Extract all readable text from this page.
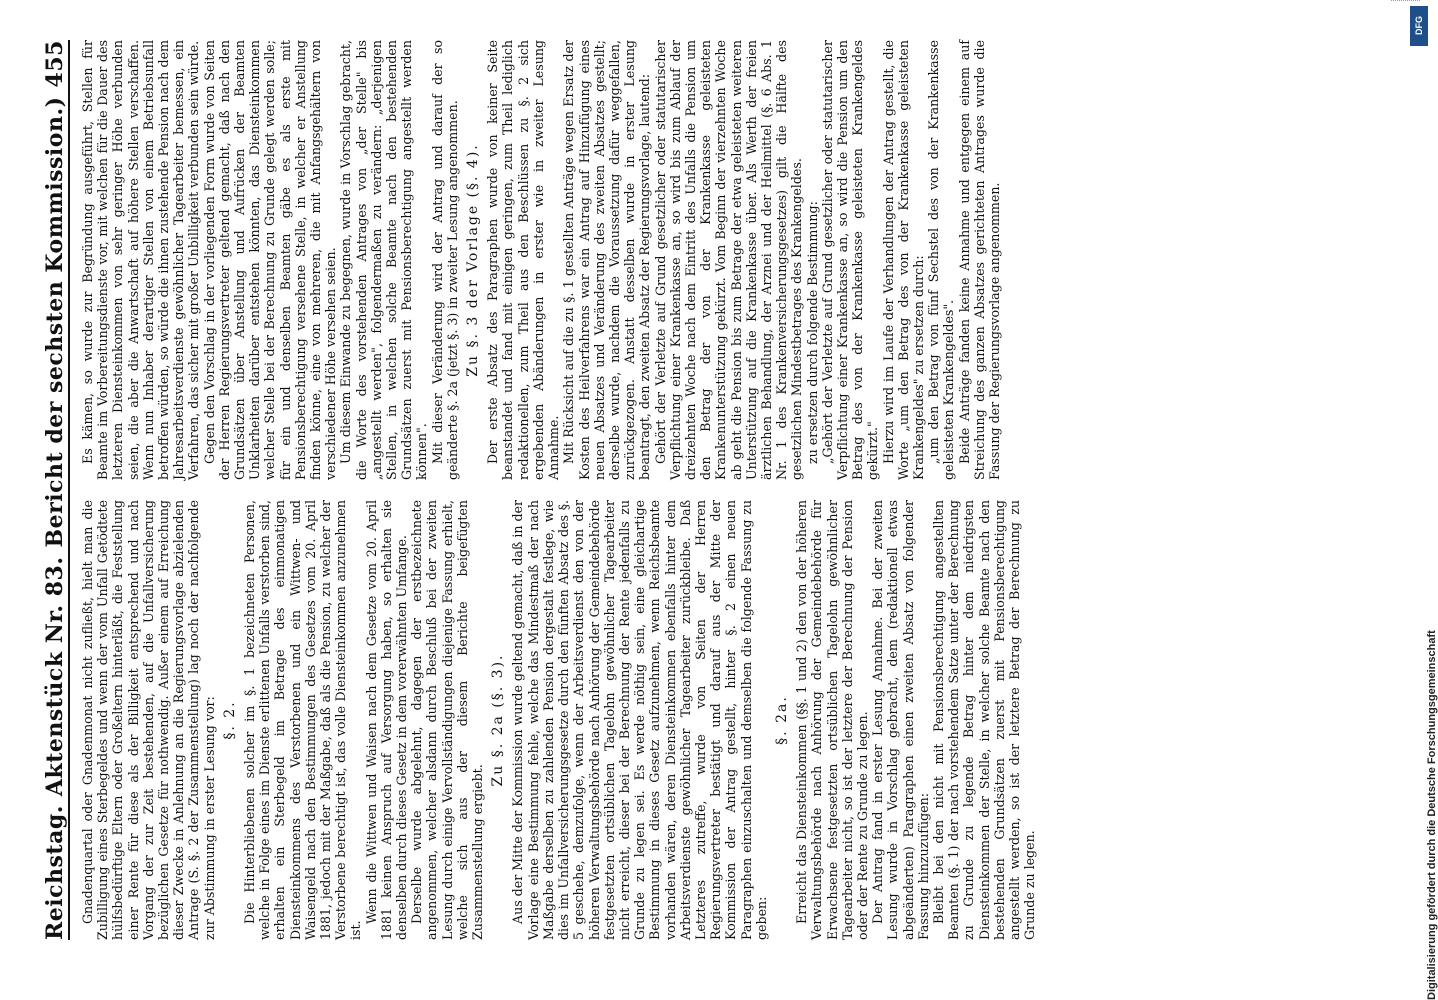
Reichstag.
Aktenstück Nr. 83.
Bericht der sechsten Kommission.)
455

Gnadenquartal oder Gnadenmonat nicht zufließt, hielt man die Zubilligung eines Sterbegeldes und wenn der vom Unfall Getödtete hülfsbedürftige Eltern oder Großeltern hinterläßt, die Feststellung einer Rente für diese als der Billigkeit entsprechend und nach Vorgang der zur Zeit bestehenden, auf die Unfallversicherung bezüglichen Gesetze für nothwendig. Außer einem auf Erreichung dieser Zwecke in Anlehnung an die Regierungsvorlage abzielenden Antrage (S. §. 2 der Zusammenstellung) lag noch der nachfolgende zur Abstimmung in erster Lesung vor: §. 2. Die Hinterbliebenen solcher im §. 1 bezeichneten Personen, welche in Folge eines im Dienste erlittenen Unfalls verstorben sind, erhalten ein Sterbegeld im Betrage des einmonatigen Diensteinkommens des Verstorbenen und ein Wittwen- und Waisengeld nach den Bestimmungen des Gesetzes vom 20. April 1881, jedoch mit der Maßgabe, daß als die Pension, zu welcher der Verstorbene berechtigt ist, das volle Diensteinkommen anzunehmen ist.

Wenn die Wittwen und Waisen nach dem Gesetze vom 20. April 1881 keinen Anspruch auf Versorgung haben, so erhalten sie denselben durch dieses Gesetz in dem vorerwähnten Umfange. Derselbe wurde abgelehnt, dagegen der erstbezeichnete angenommen, welcher alsdann durch Beschluß bei der zweiten Lesung durch einige Vervollständigungen diejenige Fassung erhielt, welche sich aus der diesem Berichte beigefügten Zusammenstellung ergiebt.

Zu §. 2a (§. 3). Aus der Mitte der Kommission wurde geltend gemacht, daß in der Vorlage eine Bestimmung fehle, welche das Mindestmaß der nach Maßgabe derselben zu zahlenden Pension dergestalt festlege, wie dies im Unfallversicherungsgesetze durch den fünften Absatz des §. 5 geschehe, demzufolge, wenn der Arbeitsverdienst den von der höheren Verwaltungsbehörde nach Anhörung der Gemeindebehörde festgesetzten ortsüblichen Tagelohn gewöhnlicher Tagearbeiter nicht erreicht, dieser bei der Berechnung der Rente jedenfalls zu Grunde zu legen sei. Es werde nöthig sein, eine gleichartige Bestimmung in dieses Gesetz aufzunehmen, wenn Reichsbeamte vorhanden wären, deren Diensteinkommen ebenfalls hinter dem Arbeitsverdienste gewöhnlicher Tagearbeiter zurückbleibe. Daß Letzteres zutreffe, wurde von Seiten der Herren Regierungsvertreter bestätigt und darauf aus der Mitte der Kommission der Antrag gestellt, hinter §. 2 einen neuen Paragraphen einzuschalten und demselben die folgende Fassung zu geben:

§. 2a. Erreicht das Diensteinkommen (§§. 1 und 2) den von der höheren Verwaltungsbehörde nach Anhörung der Gemeindebehörde für Erwachsene festgesetzten ortsüblichen Tagelohn gewöhnlicher Tagearbeiter nicht, so ist der letztere der Berechnung der Pension oder der Rente zu Grunde zu legen. Der Antrag fand in erster Lesung Annahme. Bei der zweiten Lesung wurde in Vorschlag gebracht, dem (redaktionell etwas abgeänderten) Paragraphen einen zweiten Absatz von folgender Fassung hinzuzufügen: Bleibt bei den nicht mit Pensionsberechtigung angestellten Beamten (§. 1) der nach vorstehendem Satze unter der Berechnung zu Grunde zu legende Betrag hinter dem niedrigsten Diensteinkommen der Stelle, in welcher solche Beamte nach den bestehenden Grundsätzen zuerst mit Pensionsberechtigung angestellt werden, so ist der letztere Betrag der Berechnung zu Grunde zu legen.

Es kämen, so wurde zur Begründung ausgeführt, Stellen für Beamte im Vorbereitungsdienste vor, mit welchen für die Dauer des letzteren Diensteinkommen von sehr geringer Höhe verbunden seien, die aber die Anwartschaft auf höhere Stellen verschaffen. Wenn nun Inhaber derartiger Stellen von einem Betriebsunfall betroffen würden, so würde die ihnen zustehende Pension nach dem Jahresarbeitsverdienste gewöhnlicher Tagearbeiter bemessen, ein Verfahren, das sicher mit großer Unbilligkeit verbunden sein würde. Gegen den Vorschlag in der vorliegenden Form wurde von Seiten der Herren Regierungsvertreter geltend gemacht, daß nach den Grundsätzen über Anstellung und Aufrücken der Beamten Unklarheiten darüber entstehen könnten, das Diensteinkommen welcher Stelle bei der Berechnung zu Grunde gelegt werden solle; für ein und denselben Beamten gäbe es als erste mit Pensionsberechtigung versehene Stelle, in welcher er Anstellung finden könne, eine von mehreren, die mit Anfangsgehältern von verschiedener Höhe versehen seien. Um diesem Einwande zu begegnen, wurde in Vorschlag gebracht, die Worte des vorstehenden Antrages von „der Stelle" bis „angestellt werden", folgendermaßen zu verändern: „derjenigen Stellen, in welchen solche Beamte nach den bestehenden Grundsätzen zuerst mit Pensionsberechtigung angestellt werden können". Mit dieser Veränderung wird der Antrag und darauf der so geänderte §. 2a (jetzt §. 3) in zweiter Lesung angenommen. Zu §. 3 der Vorlage (§. 4). Der erste Absatz des Paragraphen wurde von keiner Seite beanstandet und fand mit einigen geringen, zum Theil lediglich redaktionellen, zum Theil aus den Beschlüssen zu §. 2 sich ergebenden Abänderungen in erster wie in zweiter Lesung Annahme. Mit Rücksicht auf die zu §. 1 gestellten Anträge wegen Ersatz der Kosten des Heilverfahrens war ein Antrag auf Hinzufügung eines neuen Absatzes und Veränderung des zweiten Absatzes gestellt; derselbe wurde, nachdem die Voraussetzung dafür weggefallen, zurückgezogen. Anstatt desselben wurde in erster Lesung beantragt, den zweiten Absatz der Regierungsvorlage, lautend: Gehört der Verletzte auf Grund gesetzlicher oder statutarischer Verpflichtung einer Krankenkasse an, so wird bis zum Ablauf der dreizehnten Woche nach dem Eintritt des Unfalls die Pension um den Betrag der von der Krankenkasse geleisteten Krankenunterstützung gekürzt. Vom Beginn der vierzehnten Woche ab geht die Pension bis zum Betrage der etwa geleisteten weiteren Unterstützung auf die Krankenkasse über. Als Werth der freien ärztlichen Behandlung, der Arznei und der Heilmittel (§. 6 Abs. 1 Nr. 1 des Krankenversicherungsgesetzes) gilt die Hälfte des gesetzlichen Mindestbetrages des Krankengeldes. zu ersetzen durch folgende Bestimmung: „Gehört der Verletzte auf Grund gesetzlicher oder statutarischer Verpflichtung einer Krankenkasse an, so wird die Pension um den Betrag des von der Krankenkasse geleisteten Krankengeldes gekürzt." Hierzu wird im Laufe der Verhandlungen der Antrag gestellt, die Worte „um den Betrag des von der Krankenkasse geleisteten Krankengeldes" zu ersetzen durch: „um den Betrag von fünf Sechstel des von der Krankenkasse geleisteten Krankengeldes". Beide Anträge fanden keine Annahme und entgegen einem auf Streichung des ganzen Absatzes gerichteten Antrages wurde die Fassung der Regierungsvorlage angenommen.

Digitalisierung gefördert durch die Deutsche Forschungsgemeinschaft
DFG
